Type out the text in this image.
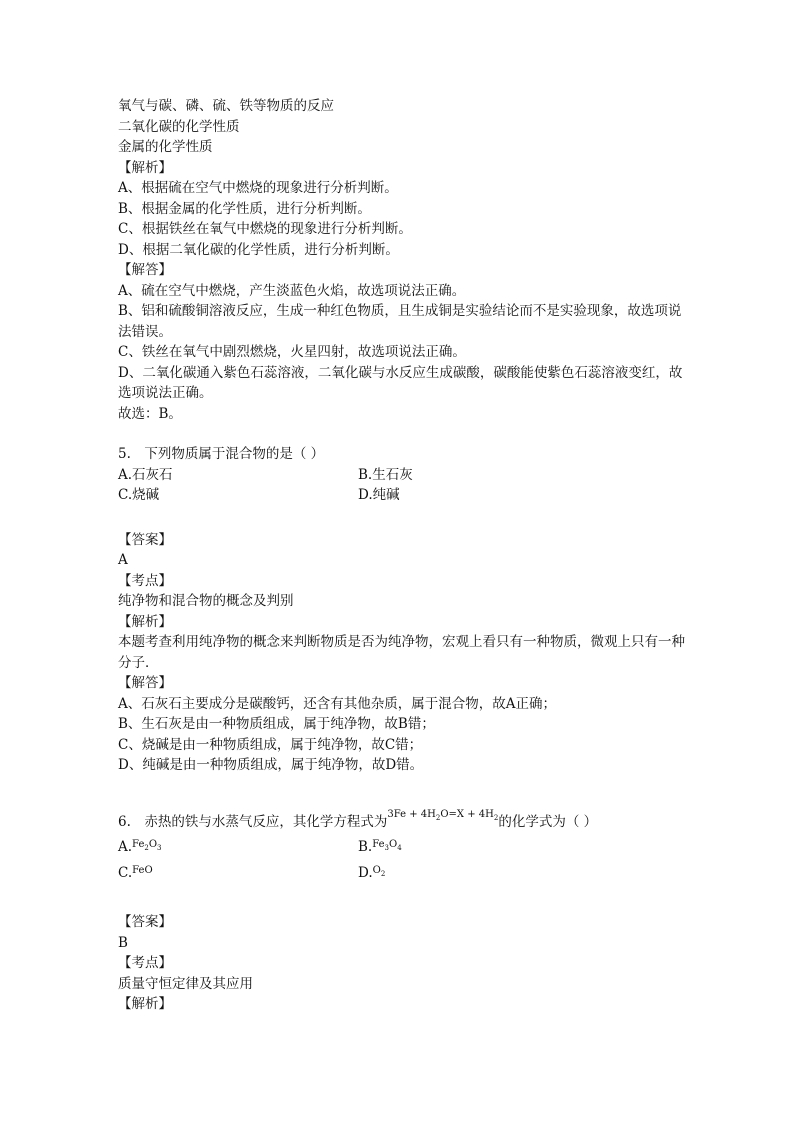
氧气与碳、磷、硫、铁等物质的反应
二氧化碳的化学性质
金属的化学性质
【解析】
A、根据硫在空气中燃烧的现象进行分析判断。
B、根据金属的化学性质，进行分析判断。
C、根据铁丝在氧气中燃烧的现象进行分析判断。
D、根据二氧化碳的化学性质，进行分析判断。
【解答】
A、硫在空气中燃烧，产生淡蓝色火焰，故选项说法正确。
B、铝和硫酸铜溶液反应，生成一种红色物质，且生成铜是实验结论而不是实验现象，故选项说法错误。
C、铁丝在氧气中剧烈燃烧，火星四射，故选项说法正确。
D、二氧化碳通入紫色石蕊溶液，二氧化碳与水反应生成碳酸，碳酸能使紫色石蕊溶液变红，故选项说法正确。
故选：B。
5.　下列物质属于混合物的是（ ）
A.石灰石	B.生石灰
C.烧碱	D.纯碱
【答案】
A
【考点】
纯净物和混合物的概念及判别
【解析】
本题考查利用纯净物的概念来判断物质是否为纯净物，宏观上看只有一种物质，微观上只有一种分子．
【解答】
A、石灰石主要成分是碳酸钙，还含有其他杂质，属于混合物，故A正确；
B、生石灰是由一种物质组成，属于纯净物，故B错；
C、烧碱是由一种物质组成，属于纯净物，故C错；
D、纯碱是由一种物质组成，属于纯净物，故D错。
6.　赤热的铁与水蒸气反应，其化学方程式为$^{3Fe + 4H_2O=X + 4H_2}$的化学式为（ ）
A.$^{Fe_2O_3}$	B.$^{Fe_3O_4}$
C.$^{FeO}$	D.$^{O_2}$
【答案】
B
【考点】
质量守恒定律及其应用
【解析】
